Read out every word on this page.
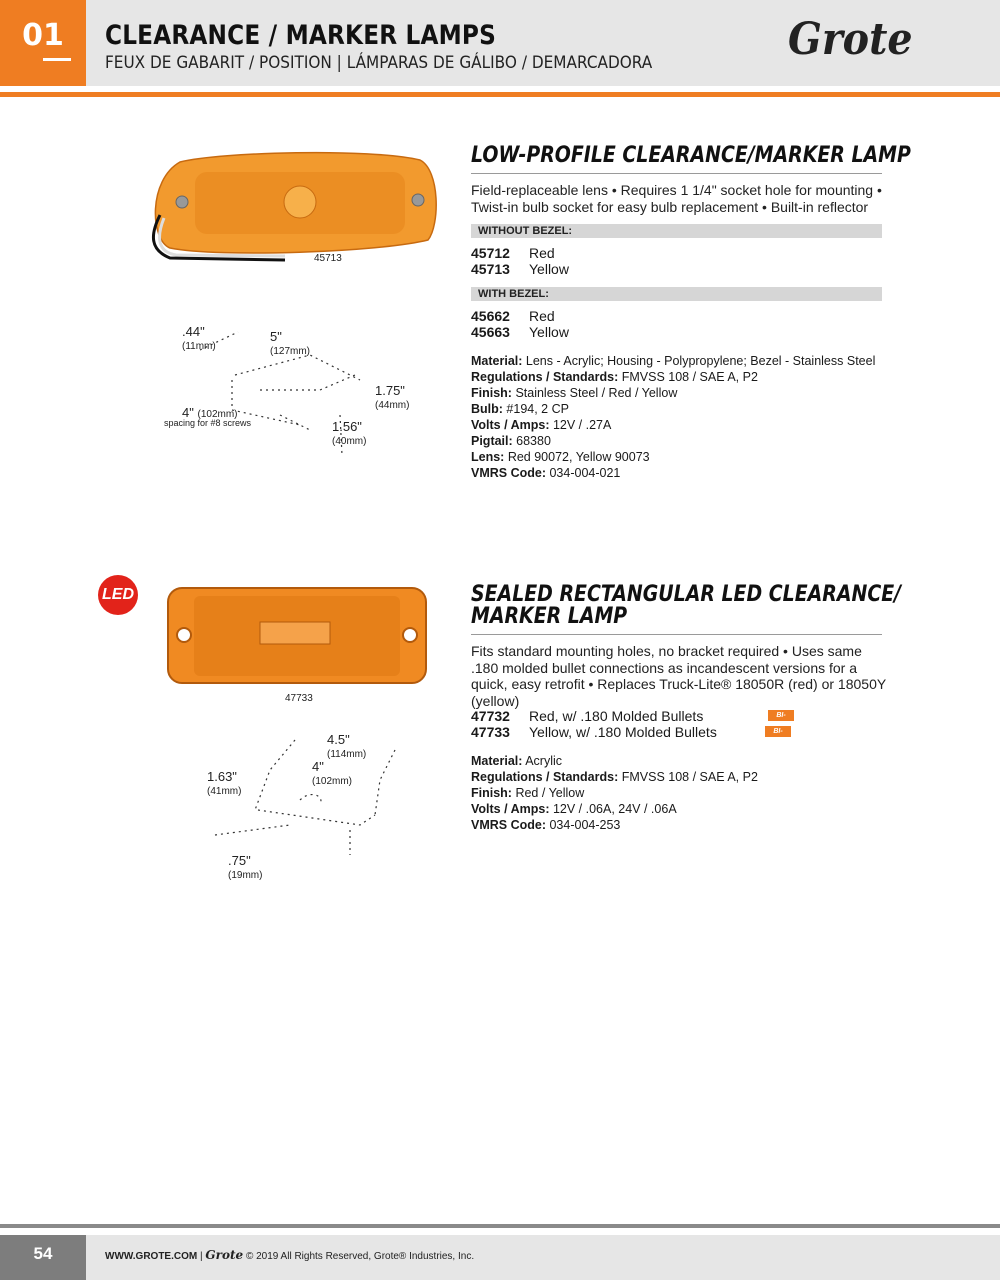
01	CLEARANCE / MARKER LAMPS
FEUX DE GABARIT / POSITION | LÁMPARAS DE GÁLIBO / DEMARCADORA	Grote
45713
.44"
(11mm)
5"
(127mm)
1.75"
(44mm)
4" (102mm)
spacing for #8 screws	1.56"
(40mm)
LOW-PROFILE CLEARANCE/MARKER LAMP
Field-replaceable lens • Requires 1 1/4" socket hole for mounting • Twist-in bulb socket for easy bulb replacement • Built-in reflector
WITHOUT BEZEL:
45712 Red
45713 Yellow
WITH BEZEL:
45662 Red
45663 Yellow
Material: Lens - Acrylic; Housing - Polypropylene; Bezel - Stainless Steel
Regulations / Standards: FMVSS 108 / SAE A, P2
Finish: Stainless Steel / Red / Yellow
Bulb: #194, 2 CP
Volts / Amps: 12V / .27A
Pigtail: 68380
Lens: Red 90072, Yellow 90073
VMRS Code: 034-004-021
LED
47733
4.5"
(114mm)
4"
(102mm)
1.63"
(41mm)
.75"
(19mm)
SEALED RECTANGULAR LED CLEARANCE/
MARKER LAMP
Fits standard mounting holes, no bracket required • Uses same .180 molded bullet connections as incandescent versions for a quick, easy retrofit • Replaces Truck-Lite® 18050R (red) or 18050Y (yellow)
47732 Red, w/ .180 Molded Bullets	BI-
47733 Yellow, w/ .180 Molded Bullets	BI-VOLT
Material: Acrylic
Regulations / Standards: FMVSS 108 / SAE A, P2
Finish: Red / Yellow
Volts / Amps: 12V / .06A, 24V / .06A
VMRS Code: 034-004-253
54	WWW.GROTE.COM | Grote © 2019 All Rights Reserved, Grote® Industries, Inc.
